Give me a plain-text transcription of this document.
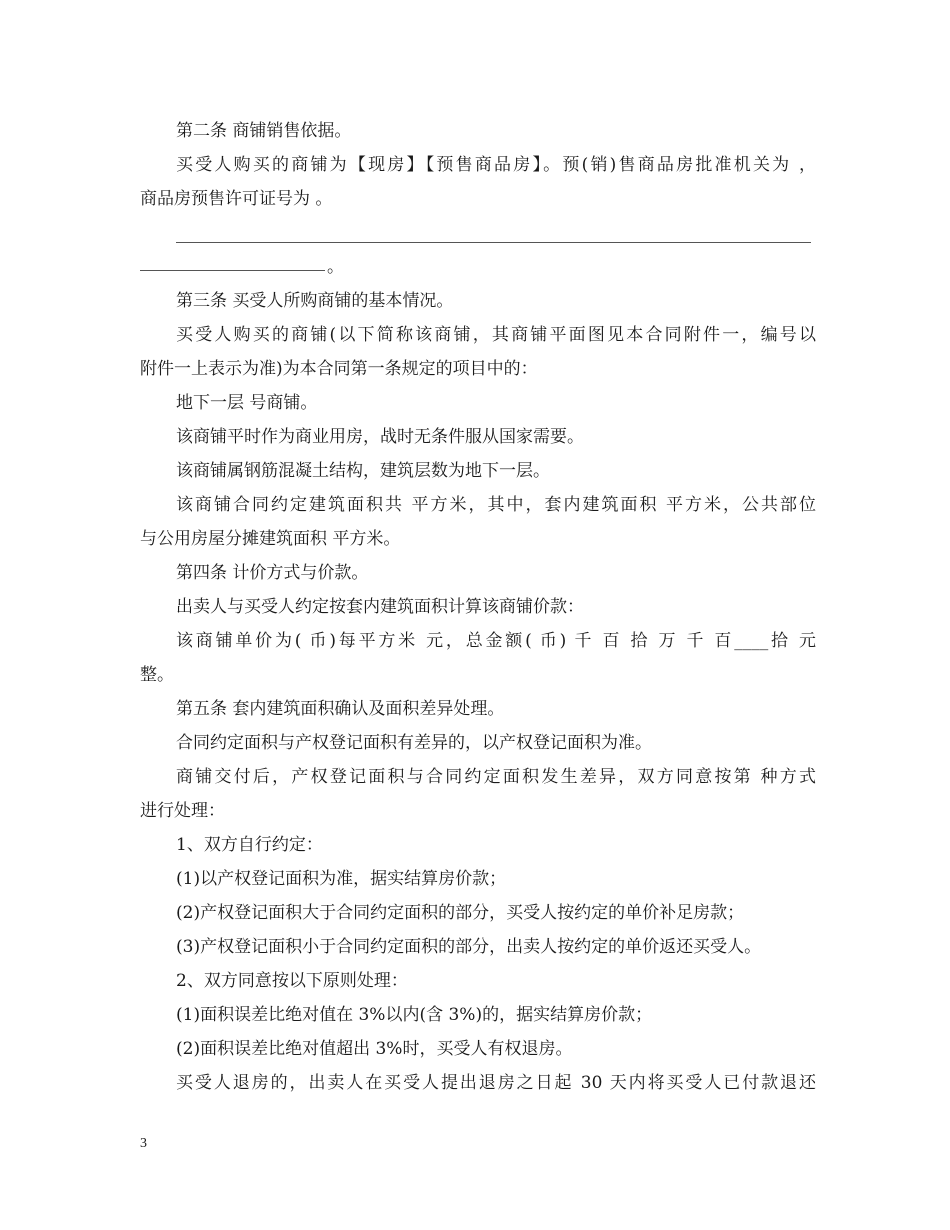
第二条 商铺销售依据。
买受人购买的商铺为【现房】【预售商品房】。预(销)售商品房批准机关为 ，
商品房预售许可证号为 。
。
第三条 买受人所购商铺的基本情况。
买受人购买的商铺(以下简称该商铺，其商铺平面图见本合同附件一，编号以
附件一上表示为准)为本合同第一条规定的项目中的：
地下一层 号商铺。
该商铺平时作为商业用房，战时无条件服从国家需要。
该商铺属钢筋混凝土结构，建筑层数为地下一层。
该商铺合同约定建筑面积共 平方米，其中，套内建筑面积 平方米，公共部位
与公用房屋分摊建筑面积 平方米。
第四条 计价方式与价款。
出卖人与买受人约定按套内建筑面积计算该商铺价款：
该商铺单价为( 币)每平方米 元，总金额( 币) 千 百 拾 万 千 百____拾 元
整。
第五条 套内建筑面积确认及面积差异处理。
合同约定面积与产权登记面积有差异的，以产权登记面积为准。
商铺交付后，产权登记面积与合同约定面积发生差异，双方同意按第 种方式
进行处理：
1、双方自行约定：
(1)以产权登记面积为准，据实结算房价款；
(2)产权登记面积大于合同约定面积的部分，买受人按约定的单价补足房款；
(3)产权登记面积小于合同约定面积的部分，出卖人按约定的单价返还买受人。
2、双方同意按以下原则处理：
(1)面积误差比绝对值在 3%以内(含 3%)的，据实结算房价款；
(2)面积误差比绝对值超出 3%时，买受人有权退房。
买受人退房的，出卖人在买受人提出退房之日起 30 天内将买受人已付款退还
3
